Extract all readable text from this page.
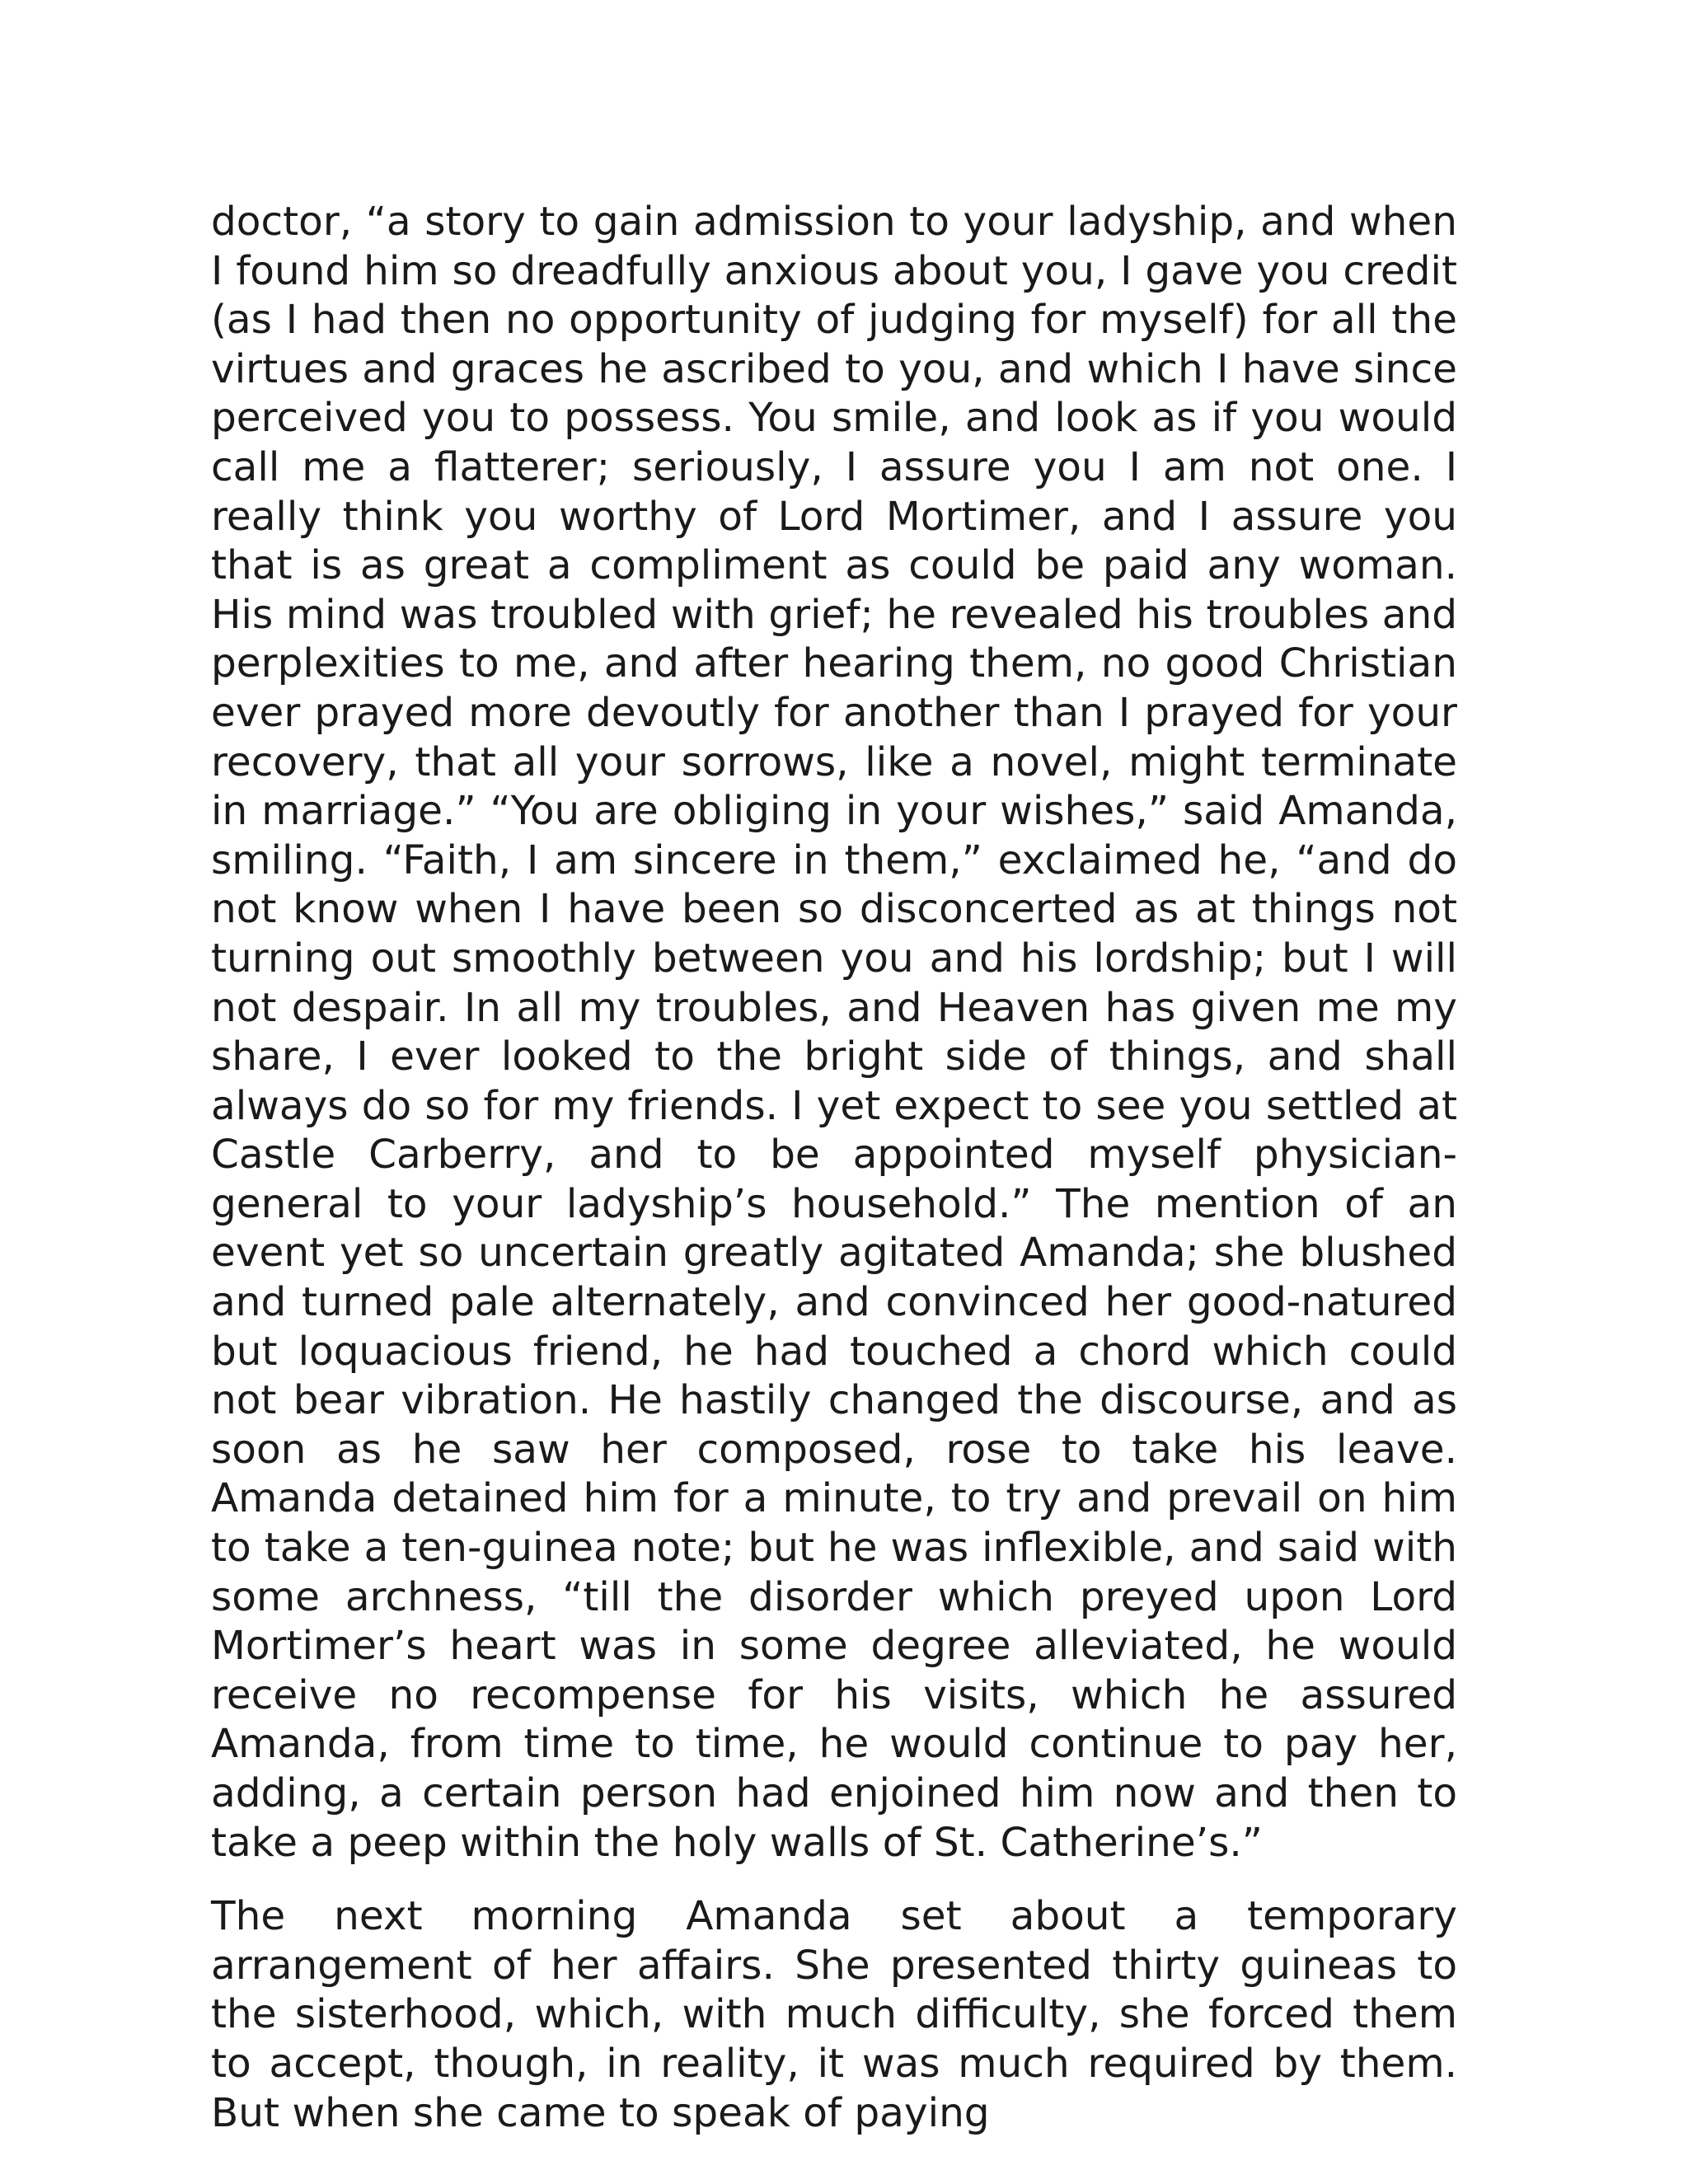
doctor, “a story to gain admission to your ladyship, and when I found him so dreadfully anxious about you, I gave you credit (as I had then no opportunity of judging for myself) for all the virtues and graces he ascribed to you, and which I have since perceived you to possess. You smile, and look as if you would call me a flatterer; seriously, I assure you I am not one. I really think you worthy of Lord Mortimer, and I assure you that is as great a compliment as could be paid any woman. His mind was troubled with grief; he revealed his troubles and perplexities to me, and after hearing them, no good Christian ever prayed more devoutly for another than I prayed for your recovery, that all your sorrows, like a novel, might terminate in marriage.” “You are obliging in your wishes,” said Amanda, smiling. “Faith, I am sincere in them,” exclaimed he, “and do not know when I have been so disconcerted as at things not turning out smoothly between you and his lordship; but I will not despair. In all my troubles, and Heaven has given me my share, I ever looked to the bright side of things, and shall always do so for my friends. I yet expect to see you settled at Castle Carberry, and to be appointed myself physician-general to your ladyship’s household.” The mention of an event yet so uncertain greatly agitated Amanda; she blushed and turned pale alternately, and convinced her good-natured but loquacious friend, he had touched a chord which could not bear vibration. He hastily changed the discourse, and as soon as he saw her composed, rose to take his leave. Amanda detained him for a minute, to try and prevail on him to take a ten-guinea note; but he was inflexible, and said with some archness, “till the disorder which preyed upon Lord Mortimer’s heart was in some degree alleviated, he would receive no recompense for his visits, which he assured Amanda, from time to time, he would continue to pay her, adding, a certain person had enjoined him now and then to take a peep within the holy walls of St. Catherine’s.”

The next morning Amanda set about a temporary arrangement of her affairs. She presented thirty guineas to the sisterhood, which, with much difficulty, she forced them to accept, though, in reality, it was much required by them. But when she came to speak of paying
